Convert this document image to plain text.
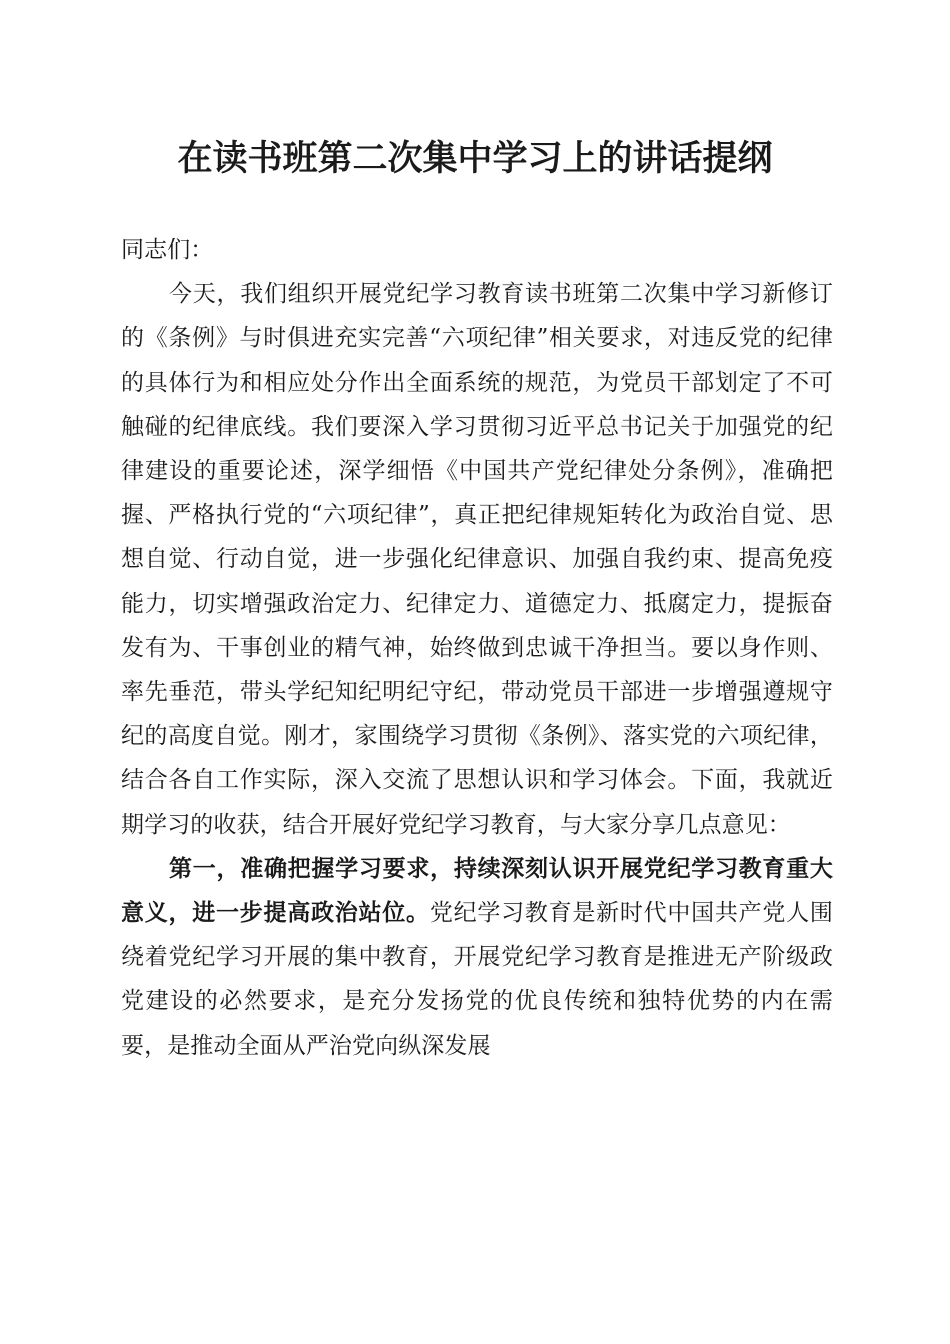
在读书班第二次集中学习上的讲话提纲

同志们：

今天，我们组织开展党纪学习教育读书班第二次集中学习新修订的《条例》与时俱进充实完善“六项纪律”相关要求，对违反党的纪律的具体行为和相应处分作出全面系统的规范，为党员干部划定了不可触碰的纪律底线。我们要深入学习贯彻习近平总书记关于加强党的纪律建设的重要论述，深学细悟《中国共产党纪律处分条例》，准确把握、严格执行党的“六项纪律”，真正把纪律规矩转化为政治自觉、思想自觉、行动自觉，进一步强化纪律意识、加强自我约束、提高免疫能力，切实增强政治定力、纪律定力、道德定力、抵腐定力，提振奋发有为、干事创业的精气神，始终做到忠诚干净担当。要以身作则、率先垂范，带头学纪知纪明纪守纪，带动党员干部进一步增强遵规守纪的高度自觉。刚才，家围绕学习贯彻《条例》、落实党的六项纪律，结合各自工作实际，深入交流了思想认识和学习体会。下面，我就近期学习的收获，结合开展好党纪学习教育，与大家分享几点意见：

第一，准确把握学习要求，持续深刻认识开展党纪学习教育重大意义，进一步提高政治站位。党纪学习教育是新时代中国共产党人围绕着党纪学习开展的集中教育，开展党纪学习教育是推进无产阶级政党建设的必然要求，是充分发扬党的优良传统和独特优势的内在需要，是推动全面从严治党向纵深发展
